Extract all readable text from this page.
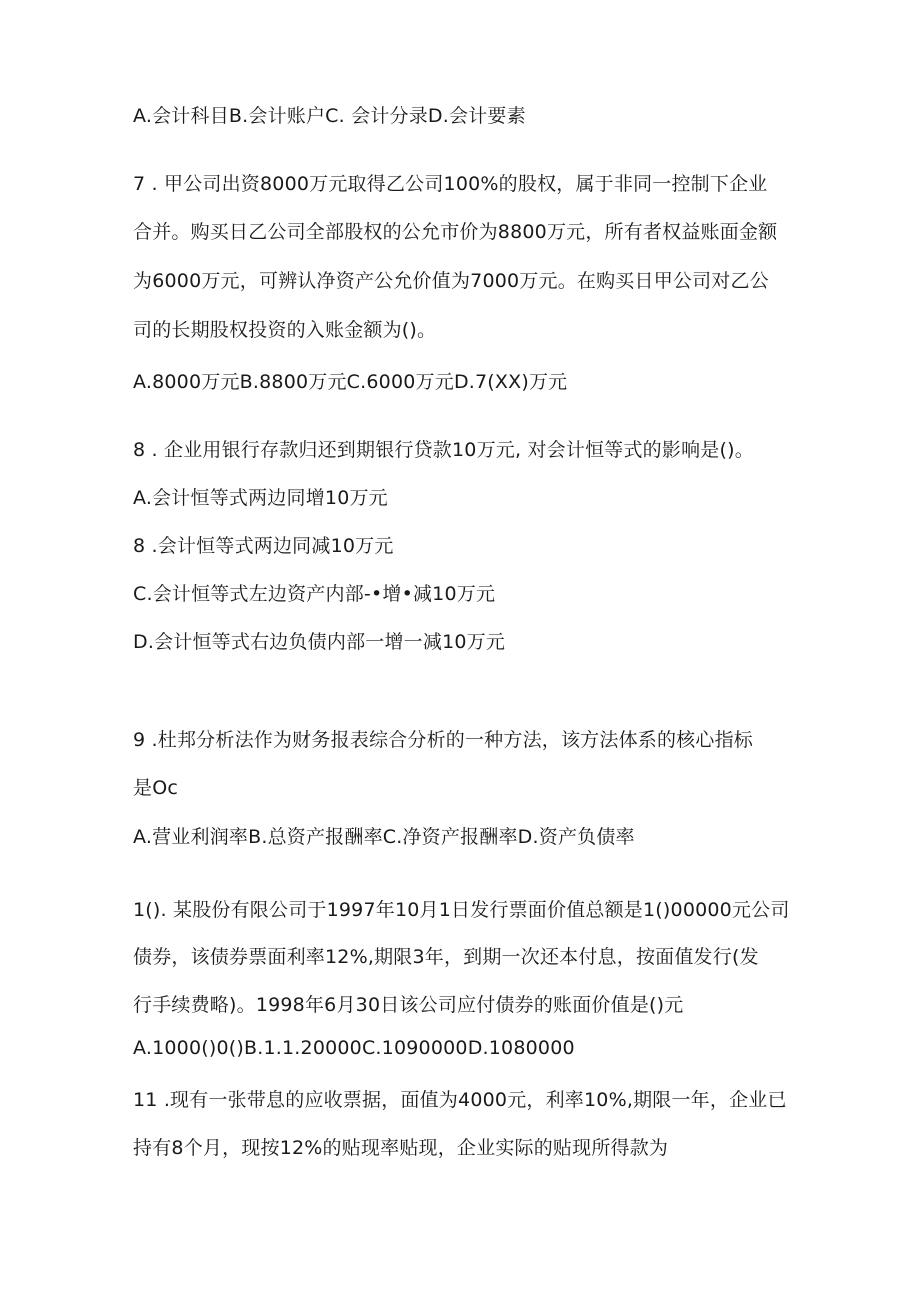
A.会计科目B.会计账户C. 会计分录D.会计要素
7 . 甲公司出资8000万元取得乙公司100%的股权，属于非同一控制下企业
合并。购买日乙公司全部股权的公允市价为8800万元，所有者权益账面金额
为6000万元，可辨认净资产公允价值为7000万元。在购买日甲公司对乙公
司的长期股权投资的入账金额为()。
A.8000万元B.8800万元C.6000万元D.7(XX)万元
8 . 企业用银行存款归还到期银行贷款10万元, 对会计恒等式的影响是()。
A.会计恒等式两边同增10万元
8 .会计恒等式两边同减10万元
C.会计恒等式左边资产内部-•增•减10万元
D.会计恒等式右边负债内部一增一减10万元
9 .杜邦分析法作为财务报表综合分析的一种方法，该方法体系的核心指标
是Oc
A.营业利润率B.总资产报酬率C.净资产报酬率D.资产负债率
1(). 某股份有限公司于1997年10月1日发行票面价值总额是1()00000元公司
债券，该债券票面利率12%,期限3年，到期一次还本付息，按面值发行(发
行手续费略)。1998年6月30日该公司应付债券的账面价值是()元
A.1000()0()B.1.1.20000C.1090000D.1080000
11 .现有一张带息的应收票据，面值为4000元，利率10%,期限一年，企业已
持有8个月，现按12%的贴现率贴现，企业实际的贴现所得款为
